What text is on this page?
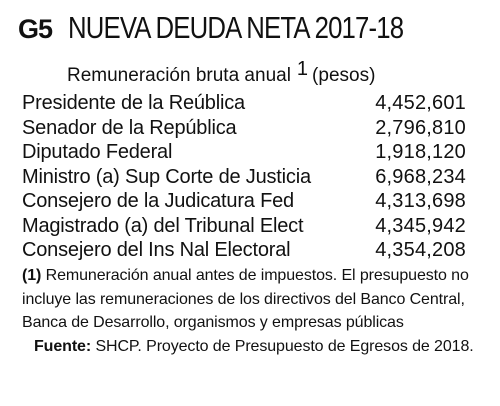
G5 NUEVA DEUDA NETA 2017-18
Remuneración bruta anual $^1$ (pesos)
Presidente de la Reública	4,452,601
Senador de la República	2,796,810
Diputado Federal	1,918,120
Ministro (a) Sup Corte de Justicia	6,968,234
Consejero de la Judicatura Fed	4,313,698
Magistrado (a) del Tribunal Elect	4,345,942
Consejero del Ins Nal Electoral	4,354,208
(1) Remuneración anual antes de impuestos. El presupuesto no incluye las remuneraciones de los directivos del Banco Central, Banca de Desarrollo, organismos y empresas públicas Fuente: SHCP. Proyecto de Presupuesto de Egresos de 2018.
